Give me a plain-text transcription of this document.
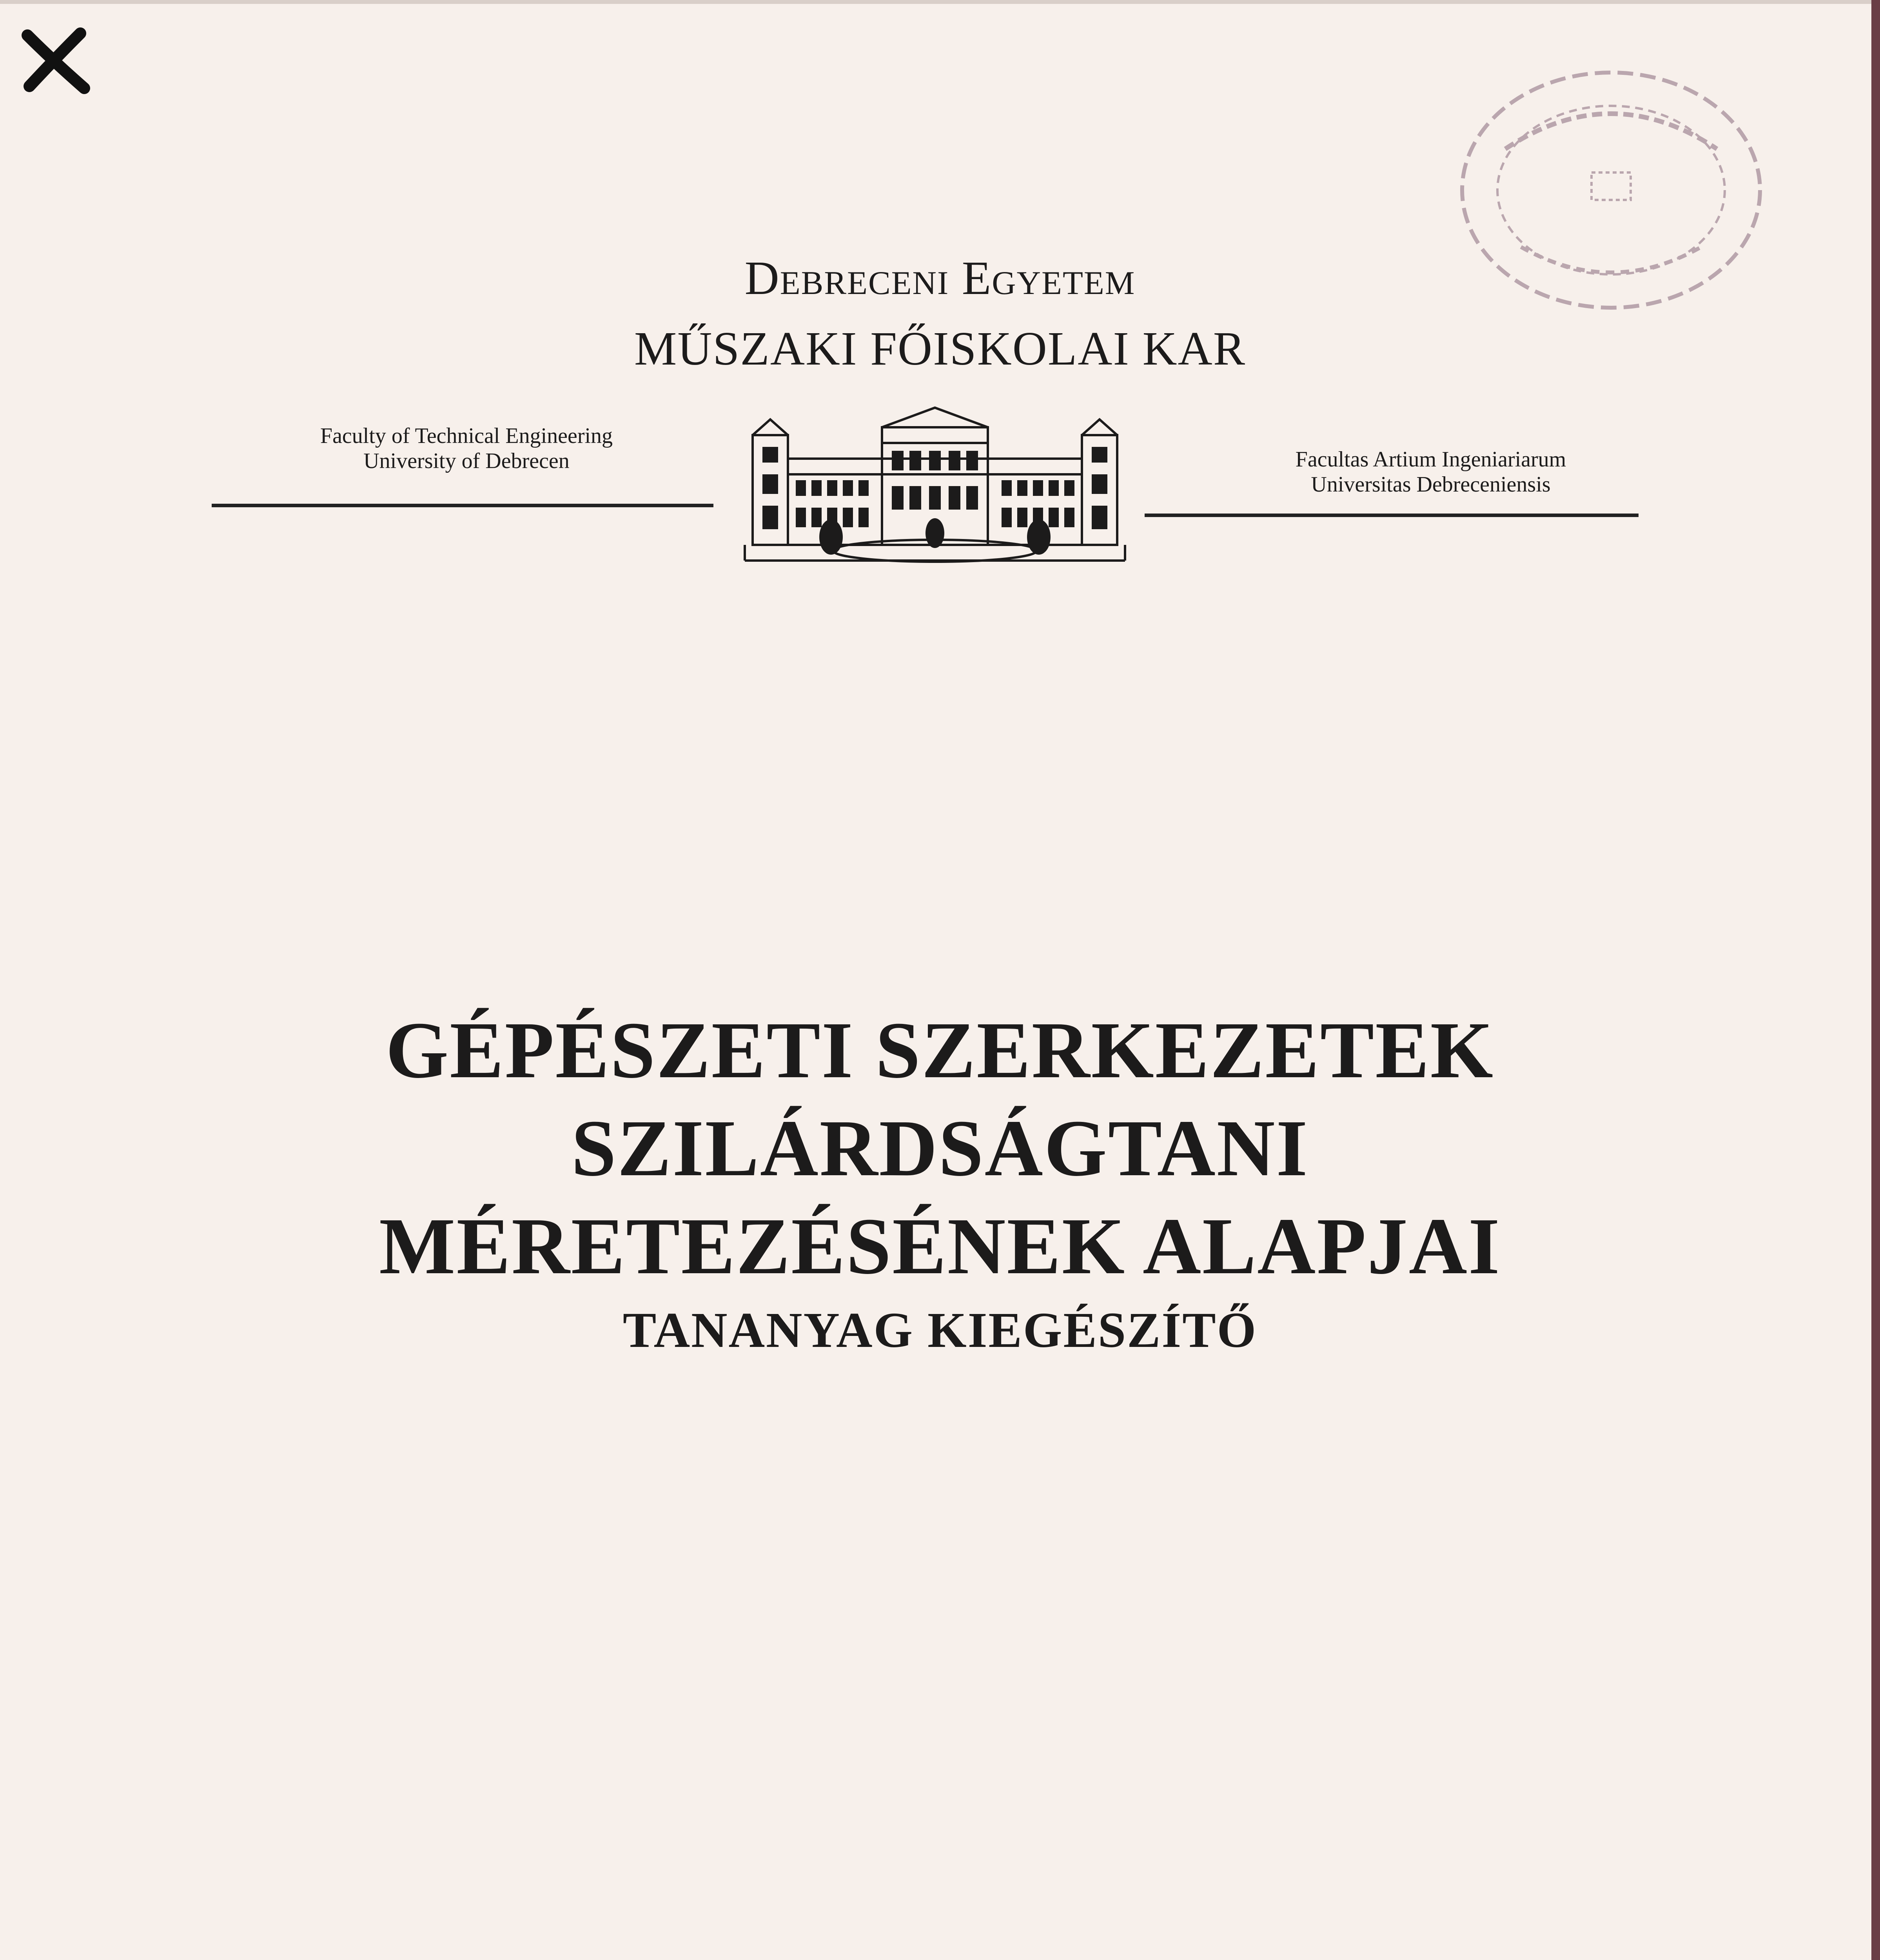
Debreceni Egyetem
MŰSZAKI FŐISKOLAI KAR
Faculty of Technical Engineering
University of Debrecen	Facultas Artium Ingeniariarum
Universitas Debreceniensis
GÉPÉSZETI SZERKEZETEK
SZILÁRDSÁGTANI
MÉRETEZÉSÉNEK ALAPJAI
TANANYAG KIEGÉSZÍTŐ
